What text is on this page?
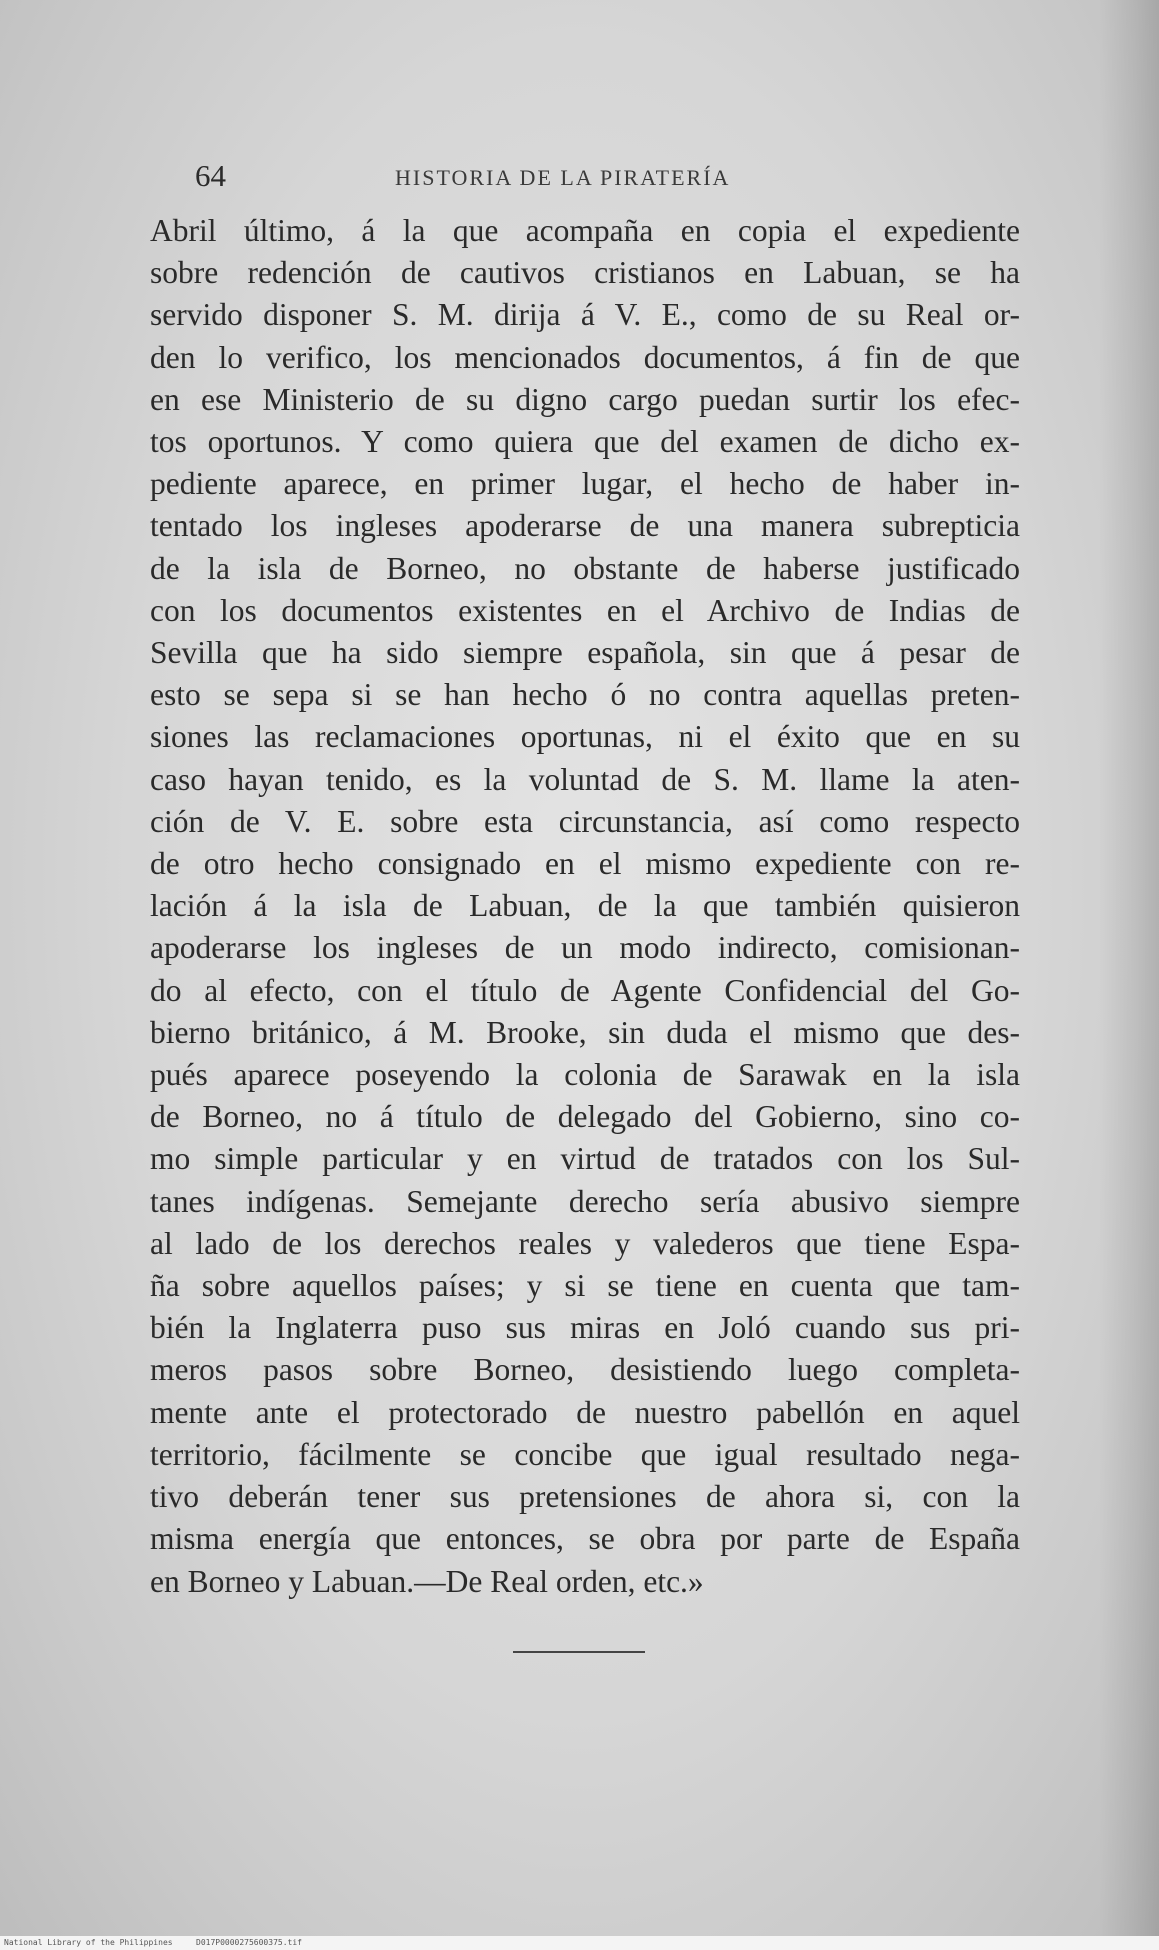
64	HISTORIA DE LA PIRATERÍA
Abril último, á la que acompaña en copia el expediente
sobre redención de cautivos cristianos en Labuan, se ha
servido disponer S. M. dirija á V. E., como de su Real or-
den lo verifico, los mencionados documentos, á fin de que
en ese Ministerio de su digno cargo puedan surtir los efec-
tos oportunos. Y como quiera que del examen de dicho ex-
pediente aparece, en primer lugar, el hecho de haber in-
tentado los ingleses apoderarse de una manera subrepticia
de la isla de Borneo, no obstante de haberse justificado
con los documentos existentes en el Archivo de Indias de
Sevilla que ha sido siempre española, sin que á pesar de
esto se sepa si se han hecho ó no contra aquellas preten-
siones las reclamaciones oportunas, ni el éxito que en su
caso hayan tenido, es la voluntad de S. M. llame la aten-
ción de V. E. sobre esta circunstancia, así como respecto
de otro hecho consignado en el mismo expediente con re-
lación á la isla de Labuan, de la que también quisieron
apoderarse los ingleses de un modo indirecto, comisionan-
do al efecto, con el título de Agente Confidencial del Go-
bierno británico, á M. Brooke, sin duda el mismo que des-
pués aparece poseyendo la colonia de Sarawak en la isla
de Borneo, no á título de delegado del Gobierno, sino co-
mo simple particular y en virtud de tratados con los Sul-
tanes indígenas. Semejante derecho sería abusivo siempre
al lado de los derechos reales y valederos que tiene Espa-
ña sobre aquellos países; y si se tiene en cuenta que tam-
bién la Inglaterra puso sus miras en Joló cuando sus pri-
meros pasos sobre Borneo, desistiendo luego completa-
mente ante el protectorado de nuestro pabellón en aquel
territorio, fácilmente se concibe que igual resultado nega-
tivo deberán tener sus pretensiones de ahora si, con la
misma energía que entonces, se obra por parte de España
en Borneo y Labuan.—De Real orden, etc.»
National Library of the Philippines	D017P0000275600375.tif
